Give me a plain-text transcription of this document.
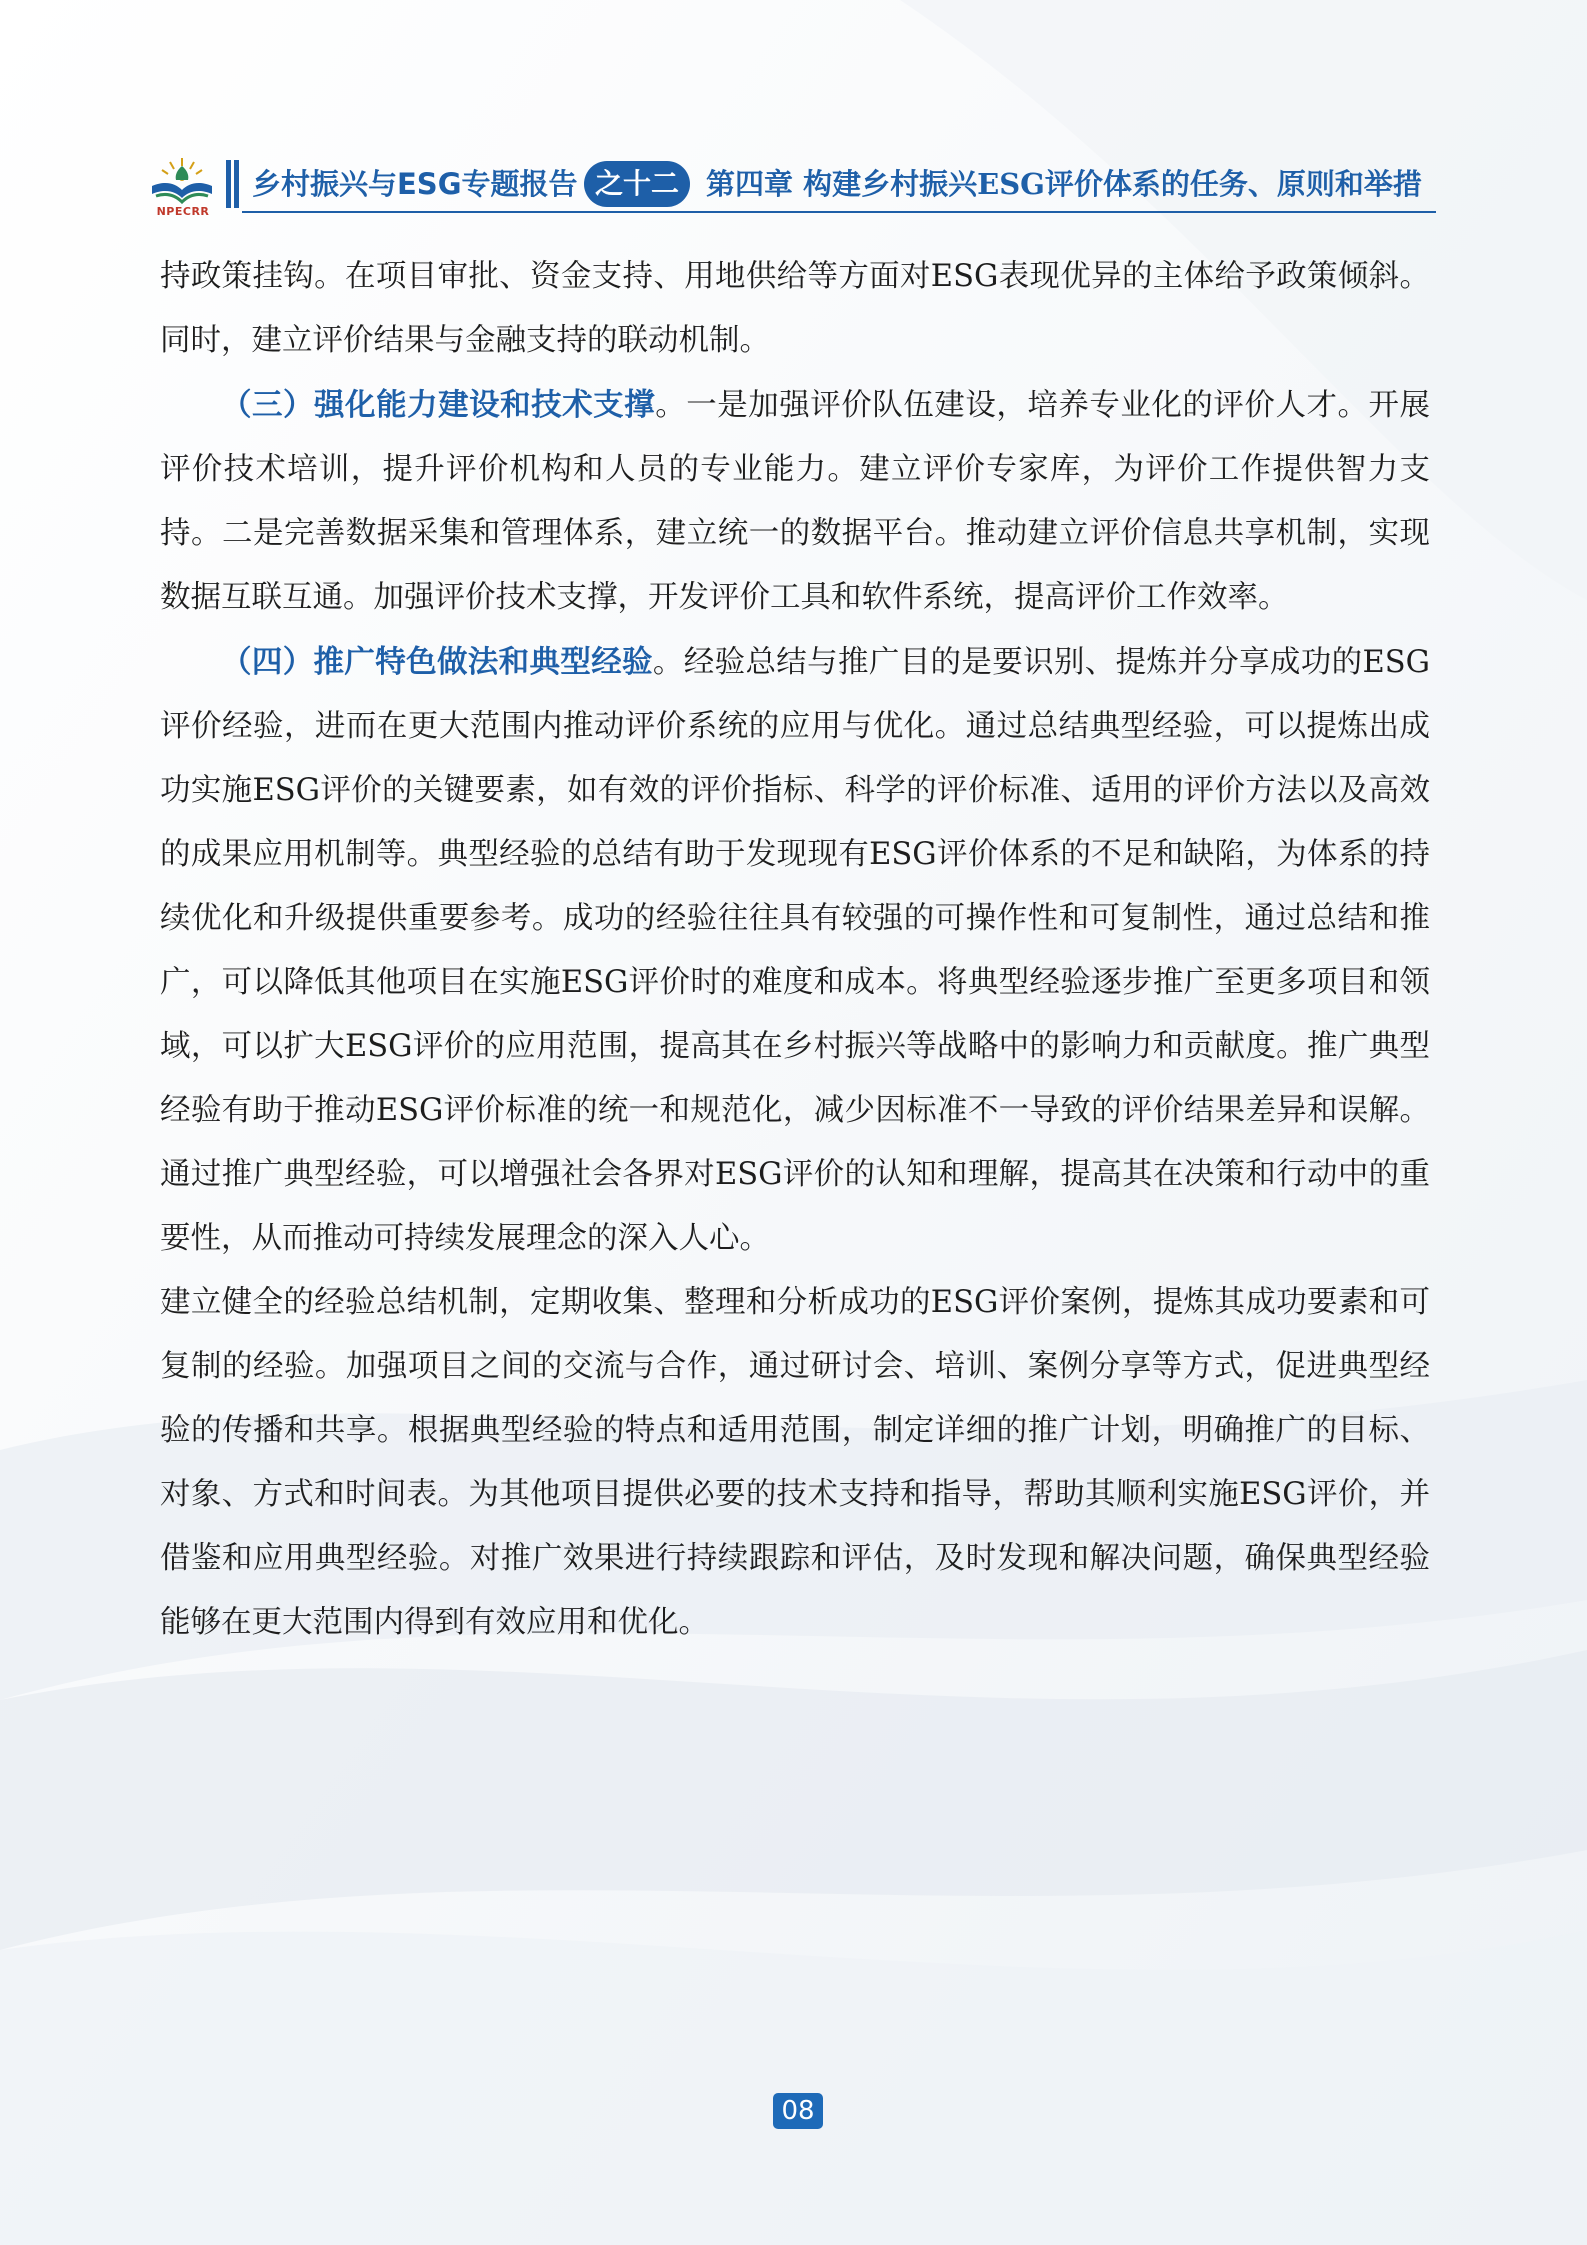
NPECRR
乡村振兴与ESG专题报告 之十二 第四章 构建乡村振兴ESG评价体系的任务、原则和举措

持政策挂钩。在项目审批、资金支持、用地供给等方面对ESG表现优异的主体给予政策倾斜。同时，建立评价结果与金融支持的联动机制。

（三）强化能力建设和技术支撑。一是加强评价队伍建设，培养专业化的评价人才。开展评价技术培训，提升评价机构和人员的专业能力。建立评价专家库，为评价工作提供智力支持。二是完善数据采集和管理体系，建立统一的数据平台。推动建立评价信息共享机制，实现数据互联互通。加强评价技术支撑，开发评价工具和软件系统，提高评价工作效率。

（四）推广特色做法和典型经验。经验总结与推广目的是要识别、提炼并分享成功的ESG评价经验，进而在更大范围内推动评价系统的应用与优化。通过总结典型经验，可以提炼出成功实施ESG评价的关键要素，如有效的评价指标、科学的评价标准、适用的评价方法以及高效的成果应用机制等。典型经验的总结有助于发现现有ESG评价体系的不足和缺陷，为体系的持续优化和升级提供重要参考。成功的经验往往具有较强的可操作性和可复制性，通过总结和推广，可以降低其他项目在实施ESG评价时的难度和成本。将典型经验逐步推广至更多项目和领域，可以扩大ESG评价的应用范围，提高其在乡村振兴等战略中的影响力和贡献度。推广典型经验有助于推动ESG评价标准的统一和规范化，减少因标准不一导致的评价结果差异和误解。通过推广典型经验，可以增强社会各界对ESG评价的认知和理解，提高其在决策和行动中的重要性，从而推动可持续发展理念的深入人心。

建立健全的经验总结机制，定期收集、整理和分析成功的ESG评价案例，提炼其成功要素和可复制的经验。加强项目之间的交流与合作，通过研讨会、培训、案例分享等方式，促进典型经验的传播和共享。根据典型经验的特点和适用范围，制定详细的推广计划，明确推广的目标、对象、方式和时间表。为其他项目提供必要的技术支持和指导，帮助其顺利实施ESG评价，并借鉴和应用典型经验。对推广效果进行持续跟踪和评估，及时发现和解决问题，确保典型经验能够在更大范围内得到有效应用和优化。

08
